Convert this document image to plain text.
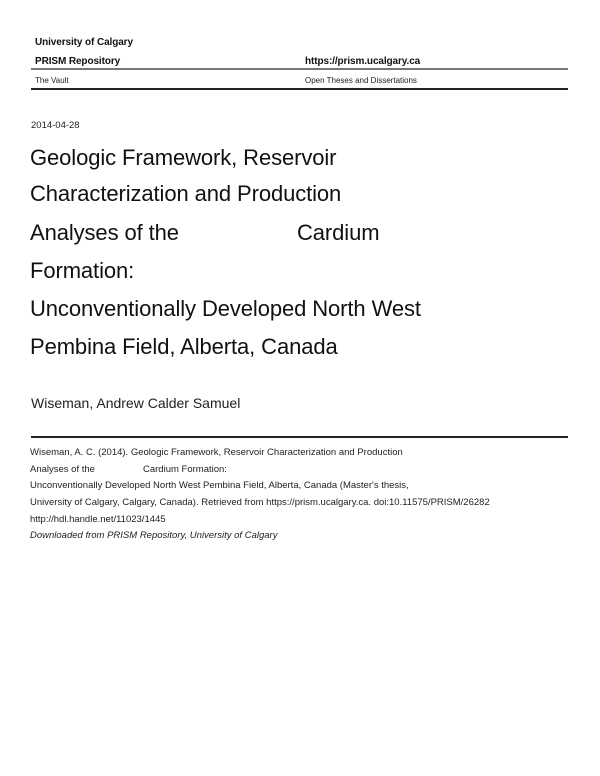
University of Calgary
PRISM Repository	https://prism.ucalgary.ca
The Vault	Open Theses and Dissertations
2014-04-28
Geologic Framework, Reservoir
Characterization and Production
Analyses of the	Cardium
Formation:
Unconventionally Developed North West
Pembina Field, Alberta, Canada
Wiseman, Andrew Calder Samuel
Wiseman, A. C. (2014). Geologic Framework, Reservoir Characterization and Production
Analyses of the	Cardium Formation:
Unconventionally Developed North West Pembina Field, Alberta, Canada (Master's thesis,
University of Calgary, Calgary, Canada). Retrieved from https://prism.ucalgary.ca. doi:10.11575/PRISM/26282
http://hdl.handle.net/11023/1445
Downloaded from PRISM Repository, University of Calgary
